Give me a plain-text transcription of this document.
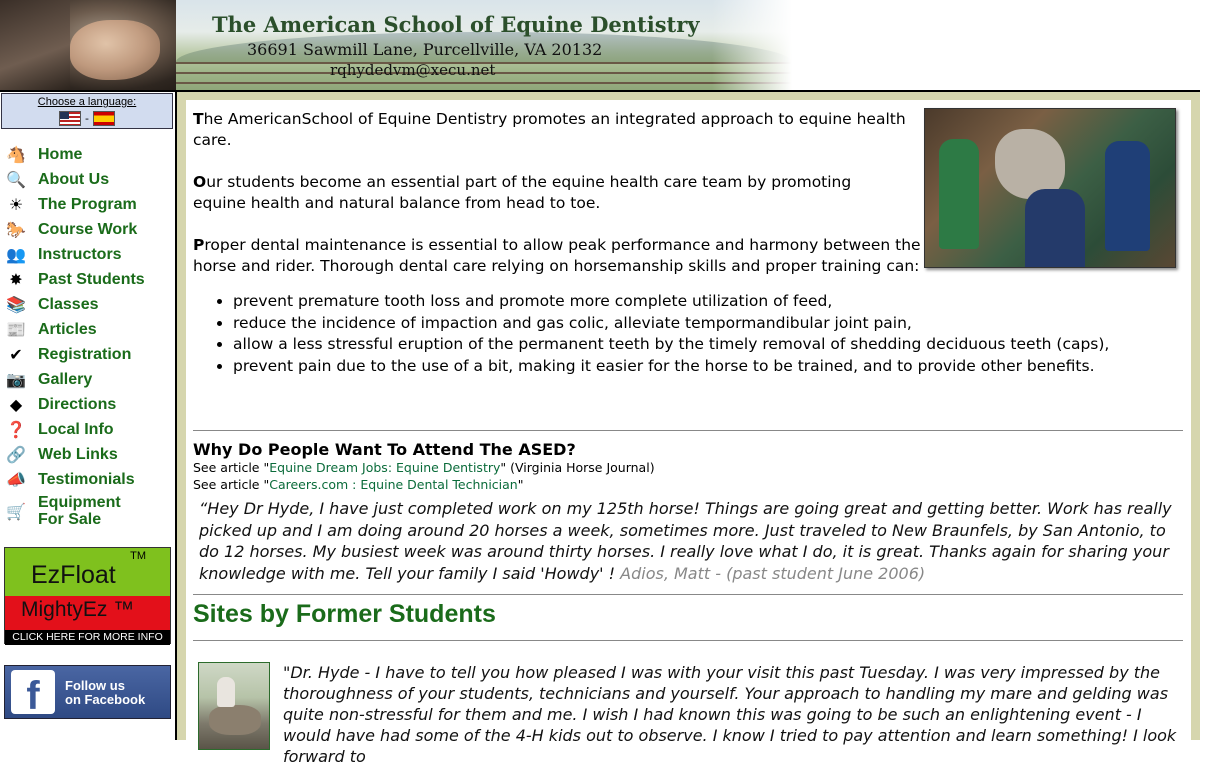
The American School of Equine Dentistry
36691 Sawmill Lane, Purcellville, VA 20132
rqhydedvm@xecu.net
Choose a language:
-
🐴 Home
🔍 About Us
☀ The Program
🐎 Course Work
👥 Instructors
✸ Past Students
📚 Classes
📰 Articles
✔ Registration
📷 Gallery
◆ Directions
❓ Local Info
🔗 Web Links
📣 Testimonials
🛒 Equipment
For Sale
EzFloat
TM
MightyEz ™
CLICK HERE FOR MORE INFO
f	Follow us
on Facebook
The AmericanSchool of Equine Dentistry promotes an integrated approach to equine health care.
Our students become an essential part of the equine health care team by promoting equine health and natural balance from head to toe.
Proper dental maintenance is essential to allow peak performance and harmony between the horse and rider. Thorough dental care relying on horsemanship skills and proper training can:
• prevent premature tooth loss and promote more complete utilization of feed,
• reduce the incidence of impaction and gas colic, alleviate tempormandibular joint pain,
• allow a less stressful eruption of the permanent teeth by the timely removal of shedding deciduous teeth (caps),
• prevent pain due to the use of a bit, making it easier for the horse to be trained, and to provide other benefits.
Why Do People Want To Attend The ASED?
See article "Equine Dream Jobs: Equine Dentistry" (Virginia Horse Journal)
See article "Careers.com : Equine Dental Technician"
“Hey Dr Hyde, I have just completed work on my 125th horse! Things are going great and getting better. Work has really picked up and I am doing around 20 horses a week, sometimes more. Just traveled to New Braunfels, by San Antonio, to do 12 horses. My busiest week was around thirty horses. I really love what I do, it is great. Thanks again for sharing your knowledge with me. Tell your family I said 'Howdy' ! Adios, Matt - (past student June 2006)
Sites by Former Students
"Dr. Hyde - I have to tell you how pleased I was with your visit this past Tuesday. I was very impressed by the thoroughness of your students, technicians and yourself. Your approach to handling my mare and gelding was quite non-stressful for them and me. I wish I had known this was going to be such an enlightening event - I would have had some of the 4-H kids out to observe. I know I tried to pay attention and learn something! I look forward to
